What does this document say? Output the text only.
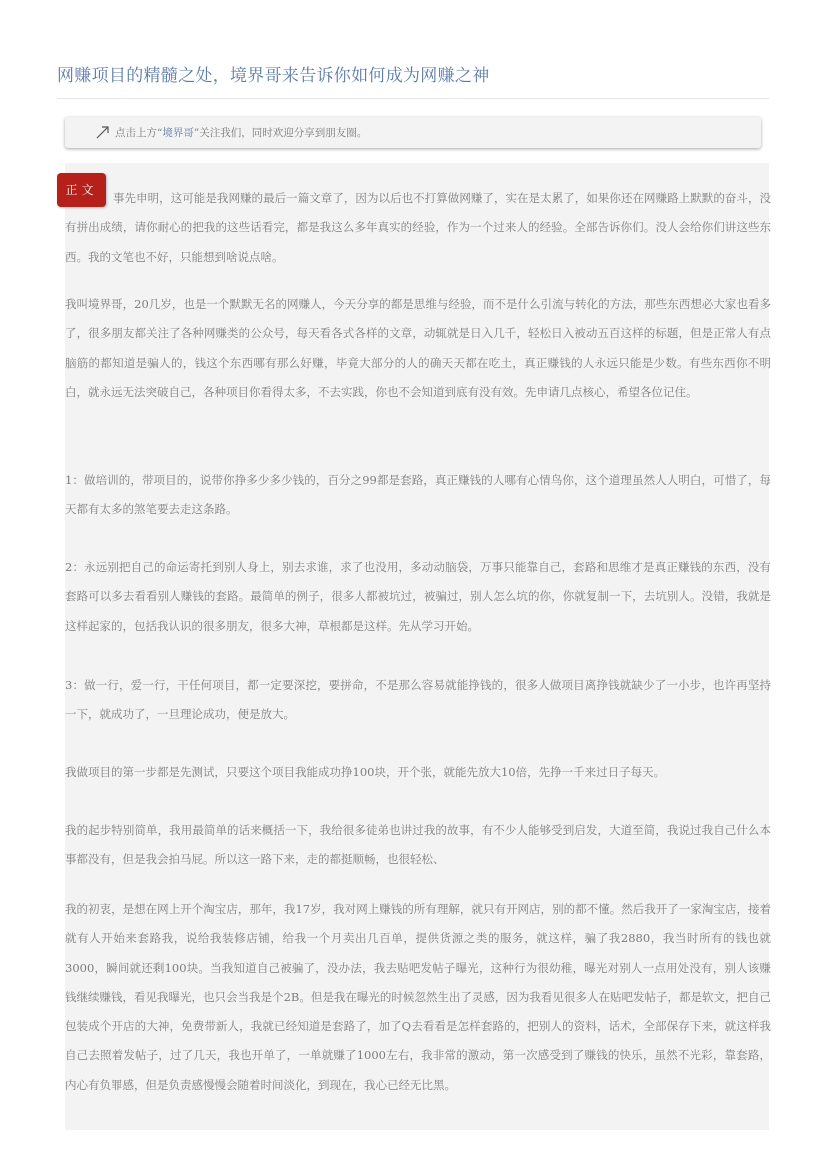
网赚项目的精髓之处，境界哥来告诉你如何成为网赚之神
点击上方“境界哥”关注我们，同时欢迎分享到朋友圈。

事先申明，这可能是我网赚的最后一篇文章了，因为以后也不打算做网赚了，实在是太累了，如果你还在网赚路上默默的奋斗，没有拼出成绩，请你耐心的把我的这些话看完，都是我这么多年真实的经验，作为一个过来人的经验。全部告诉你们。没人会给你们讲这些东西。我的文笔也不好，只能想到啥说点啥。

正文

我叫境界哥，20几岁，也是一个默默无名的网赚人，今天分享的都是思维与经验，而不是什么引流与转化的方法，那些东西想必大家也看多了，很多朋友都关注了各种网赚类的公众号，每天看各式各样的文章，动辄就是日入几千，轻松日入被动五百这样的标题，但是正常人有点脑筋的都知道是骗人的，钱这个东西哪有那么好赚，毕竟大部分的人的确天天都在吃土，真正赚钱的人永远只能是少数。有些东西你不明白，就永远无法突破自己，各种项目你看得太多，不去实践，你也不会知道到底有没有效。先申请几点核心，希望各位记住。

1：做培训的，带项目的，说带你挣多少多少钱的，百分之99都是套路，真正赚钱的人哪有心情鸟你，这个道理虽然人人明白，可惜了，每天都有太多的煞笔要去走这条路。

2：永远别把自己的命运寄托到别人身上，别去求谁，求了也没用，多动动脑袋，万事只能靠自己，套路和思维才是真正赚钱的东西，没有套路可以多去看看别人赚钱的套路。最简单的例子，很多人都被坑过，被骗过，别人怎么坑的你，你就复制一下，去坑别人。没错，我就是这样起家的，包括我认识的很多朋友，很多大神，草根都是这样。先从学习开始。

3：做一行，爱一行，干任何项目，都一定要深挖，要拼命，不是那么容易就能挣钱的，很多人做项目离挣钱就缺少了一小步，也许再坚持一下，就成功了，一旦理论成功，便是放大。

我做项目的第一步都是先测试，只要这个项目我能成功挣100块，开个张，就能先放大10倍，先挣一千来过日子每天。

我的起步特别简单，我用最简单的话来概括一下，我给很多徒弟也讲过我的故事，有不少人能够受到启发，大道至简，我说过我自己什么本事都没有，但是我会拍马屁。所以这一路下来，走的都挺顺畅，也很轻松、

我的初衷，是想在网上开个淘宝店，那年，我17岁，我对网上赚钱的所有理解，就只有开网店，别的都不懂。然后我开了一家淘宝店，接着就有人开始来套路我，说给我装修店铺，给我一个月卖出几百单，提供货源之类的服务，就这样，骗了我2880，我当时所有的钱也就3000，瞬间就还剩100块。当我知道自己被骗了，没办法，我去贴吧发帖子曝光，这种行为很幼稚，曝光对别人一点用处没有，别人该赚钱继续赚钱，看见我曝光，也只会当我是个2B。但是我在曝光的时候忽然生出了灵感，因为我看见很多人在贴吧发帖子，都是软文，把自己包装成个开店的大神，免费带新人，我就已经知道是套路了，加了Q去看看是怎样套路的，把别人的资料，话术，全部保存下来，就这样我自己去照着发帖子，过了几天，我也开单了，一单就赚了1000左右，我非常的激动，第一次感受到了赚钱的快乐，虽然不光彩，靠套路，内心有负罪感，但是负责感慢慢会随着时间淡化，到现在，我心已经无比黑。
